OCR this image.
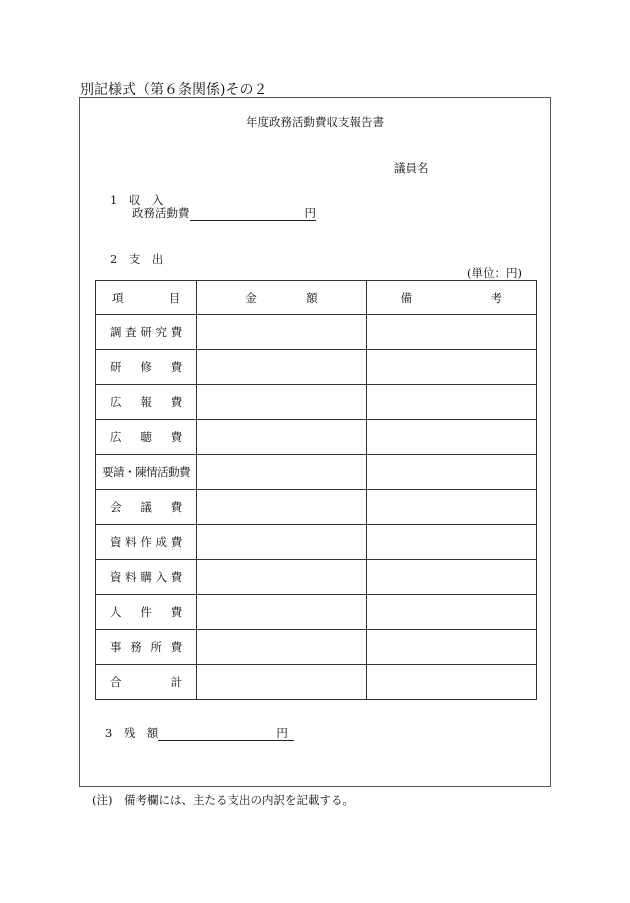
別記様式（第６条関係)その２
年度政務活動費収支報告書
議員名
1  収　入
政務活動費	円
2  支　出
(単位：円)
項目	金額	備考
調査研究費		
研修費		
広報費		
広聴費		
要請・陳情活動費		
会議費		
資料作成費		
資料購入費		
人件費		
事務所費		
合計		
3  残　額	円
(注)　備考欄には、主たる支出の内訳を記載する。
